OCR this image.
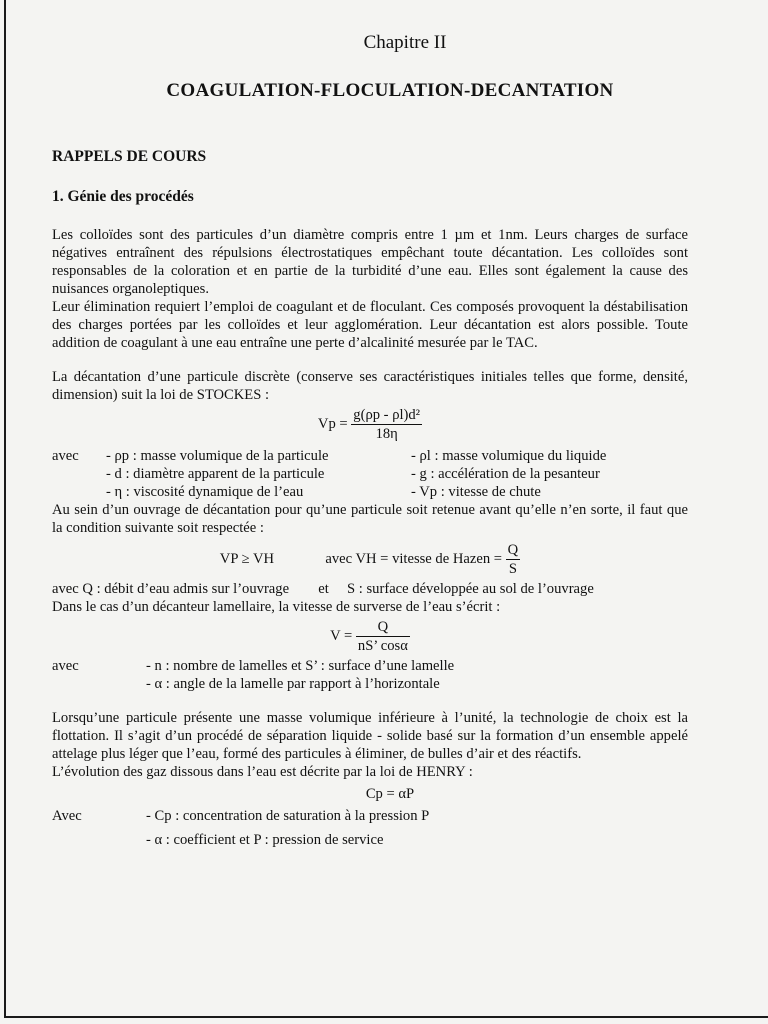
Chapitre II
COAGULATION-FLOCULATION-DECANTATION
RAPPELS DE COURS
1. Génie des procédés
Les colloïdes sont des particules d’un diamètre compris entre 1 µm et 1nm. Leurs charges de surface négatives entraînent des répulsions électrostatiques empêchant toute décantation. Les colloïdes sont responsables de la coloration et en partie de la turbidité d’une eau. Elles sont également la cause des nuisances organoleptiques.
Leur élimination requiert l’emploi de coagulant et de floculant. Ces composés provoquent la déstabilisation des charges portées par les colloïdes et leur agglomération. Leur décantation est alors possible. Toute addition de coagulant à une eau entraîne une perte d’alcalinité mesurée par le TAC.
La décantation d’une particule discrète (conserve ses caractéristiques initiales telles que forme, densité, dimension) suit la loi de STOCKES :
$Vp = \frac{\text{g(ρp - ρl)d²}}{18\eta}$
avec	- ρp : masse volumique de la particule	- ρl : masse volumique du liquide
- d : diamètre apparent de la particule	- g : accélération de la pesanteur
- η : viscosité dynamique de l’eau	- Vp : vitesse de chute
Au sein d’un ouvrage de décantation pour qu’une particule soit retenue avant qu’elle n’en sorte, il faut que la condition suivante soit respectée :
VP ≥ VH	avec VH = vitesse de Hazen = $\frac{Q}{S}$
avec Q : débit d’eau admis sur l’ouvrage        et     S : surface développée au sol de l’ouvrage
Dans le cas d’un décanteur lamellaire, la vitesse de surverse de l’eau s’écrit :
$V = \frac{Q}{nS’ \cos\alpha}$
avec	- n : nombre de lamelles et S’ : surface d’une lamelle
- α : angle de la lamelle par rapport à l’horizontale
Lorsqu’une particule présente une masse volumique inférieure à l’unité, la technologie de choix est la flottation. Il s’agit d’un procédé de séparation liquide - solide basé sur la formation d’un ensemble appelé attelage plus léger que l’eau, formé des particules à éliminer, de bulles d’air et des réactifs.
L’évolution des gaz dissous dans l’eau est décrite par la loi de HENRY :
Cp = αP
Avec	- Cp : concentration de saturation à la pression P
- α : coefficient et P : pression de service
